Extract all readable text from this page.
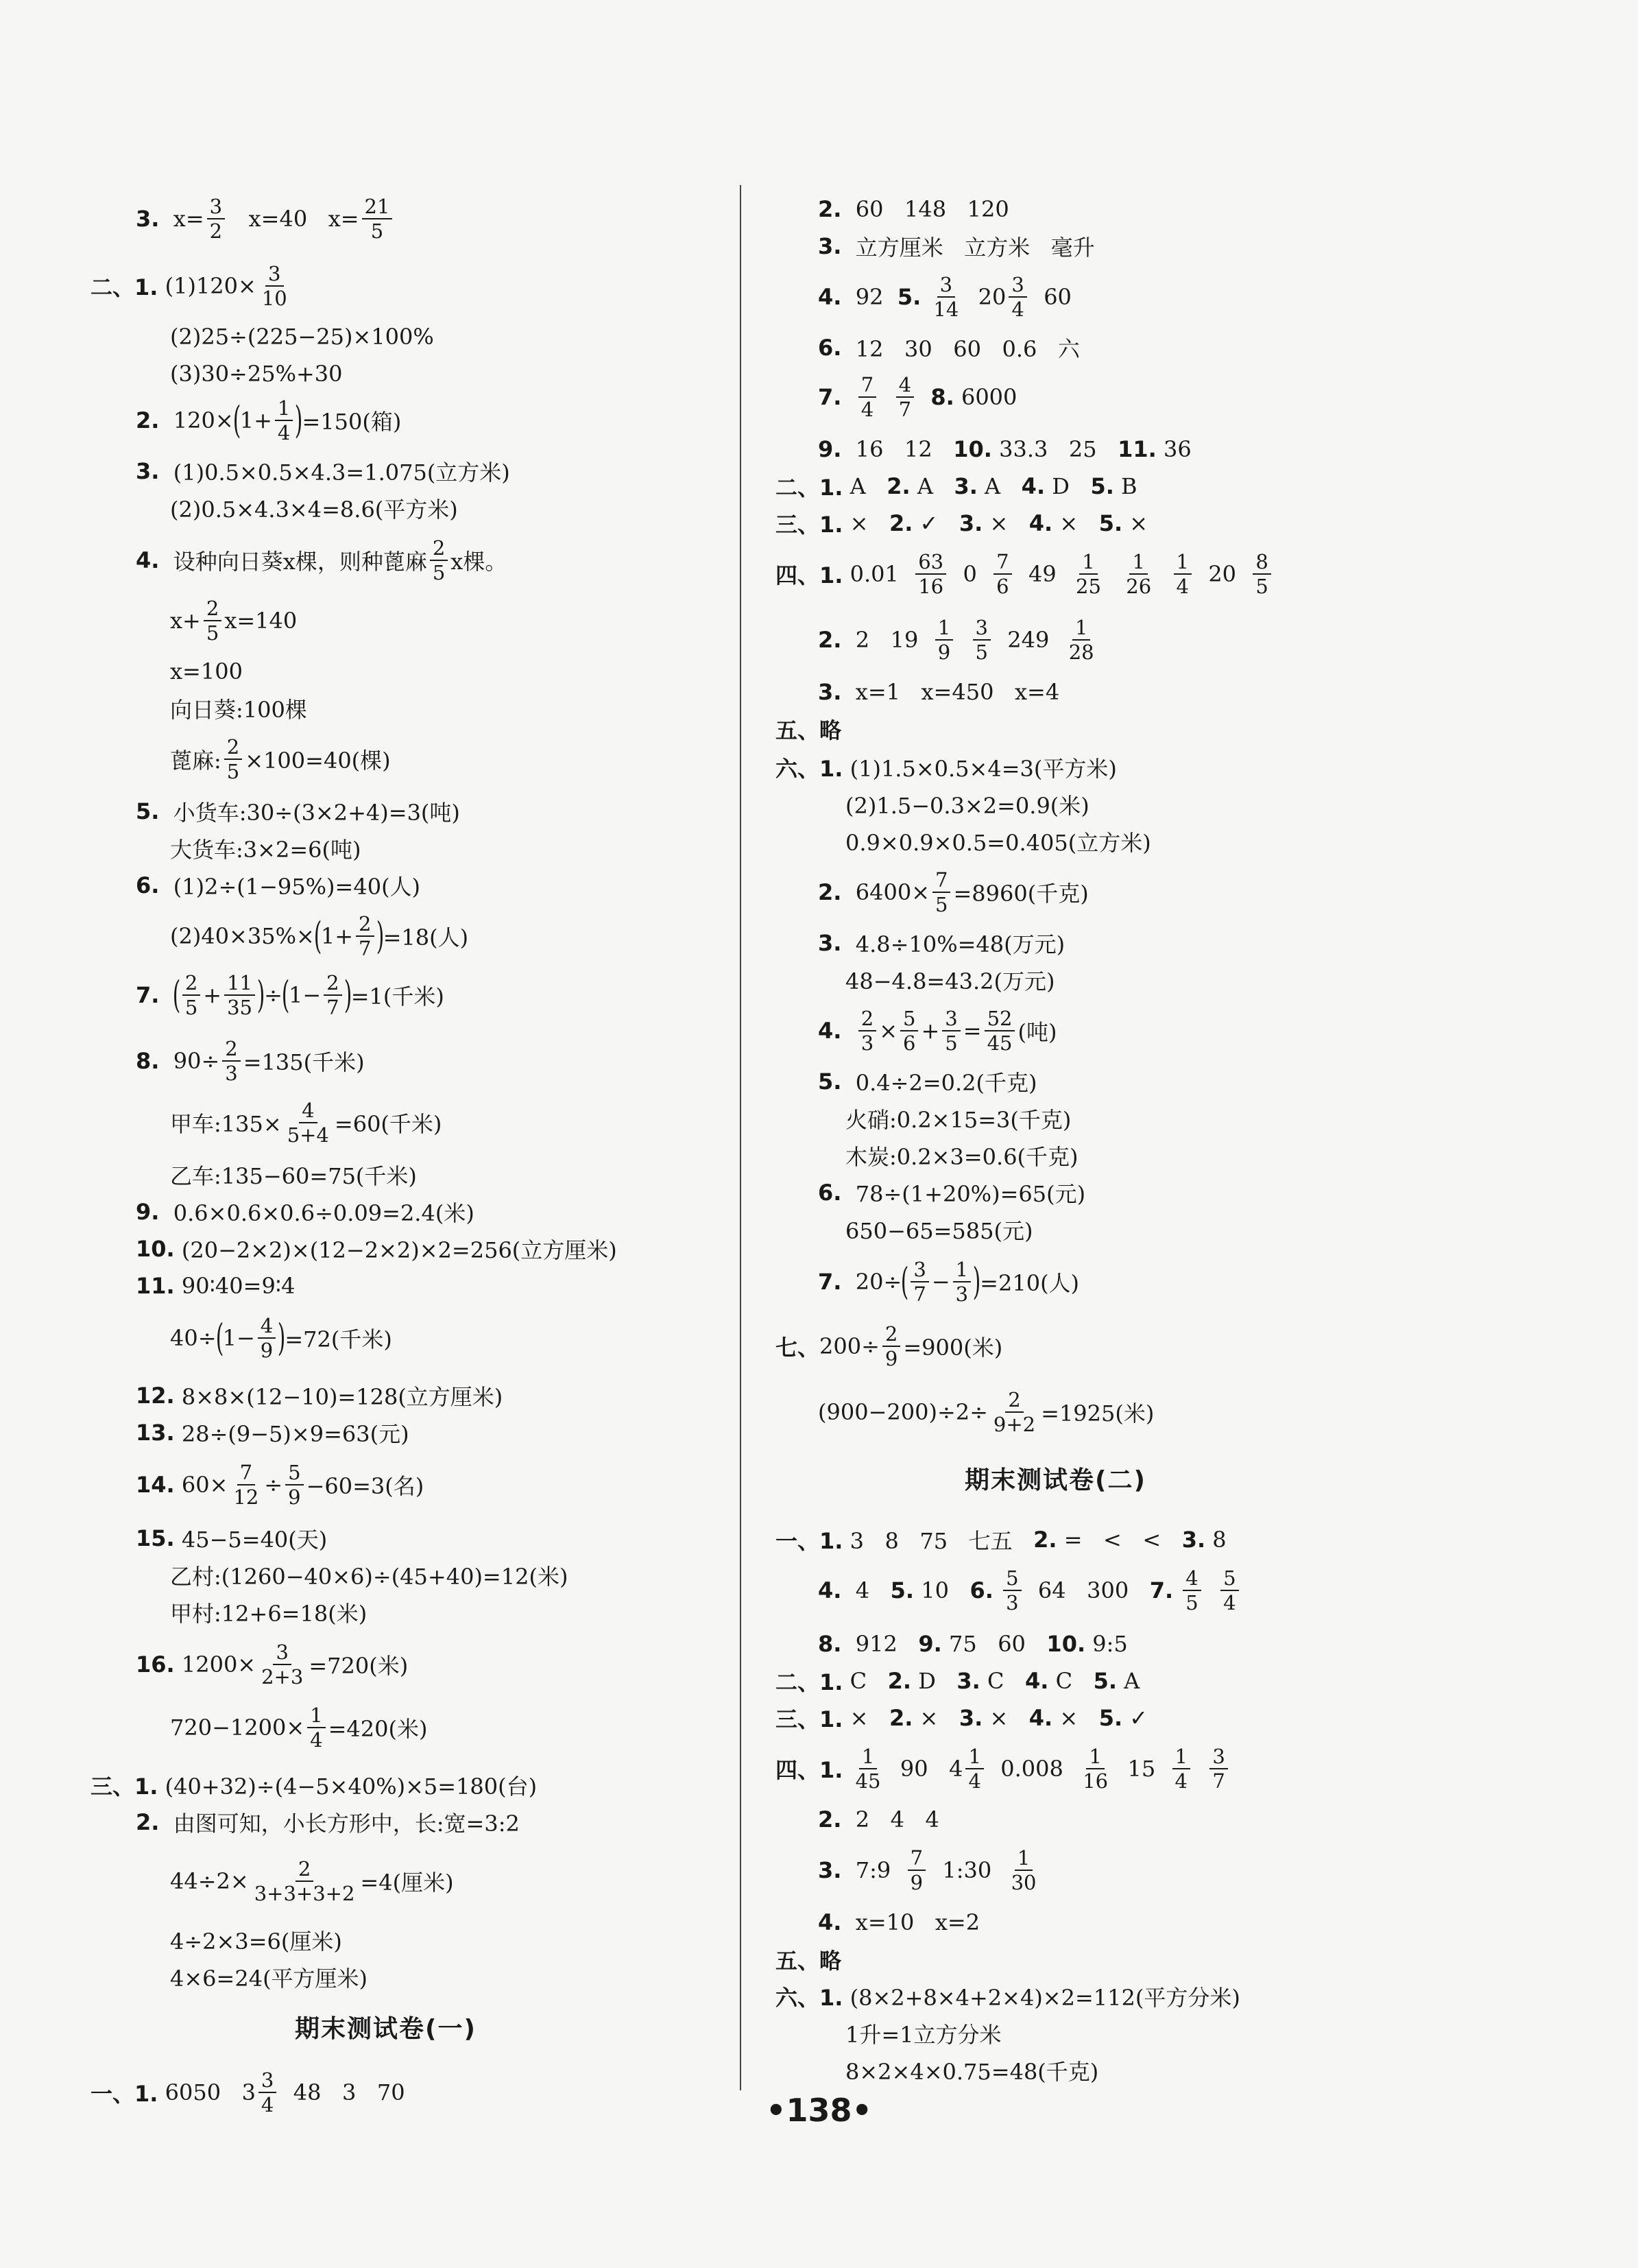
3. $x= \frac{3}{2} x=40$   $x= \frac{21}{5}$
二、1. $(1)120\times \frac{3}{10}$
(2)25÷(225−25)×100%
(3)30÷25%+30
2. 120×
(
$1+ \frac{1}{4}$ )
=150(箱)
3. (1)0.5×0.5×4.3=1.075(立方米)
(2)0.5×4.3×4=8.6(平方米)
4. 设种向日葵x棵，则种蓖麻 $\frac{2}{5}$ x棵。
$x+ \frac{2}{5} x=140$
x=100
向日葵:100棵
蓖麻: $\frac{2}{5} \times 100=40$(棵)
5. 小货车:30÷(3×2+4)=3(吨)
大货车:3×2=6(吨)
6. (1)2÷(1−95%)=40(人)
(2)40×35%×
(
$1+ \frac{2}{7}$ )
=18(人)
7.
( $\frac{2}{5} + \frac{11}{35}$ )
÷
(
$1- \frac{2}{7}$ )
=1(千米)
8. $90\div \frac{2}{3} =135$(千米)
甲车:135× $\frac{4}{5+4} =60$(千米)
乙车:135−60=75(千米)
9. 0.6×0.6×0.6÷0.09=2.4(米)
10. (20−2×2)×(12−2×2)×2=256(立方厘米)
11. 90∶40=9∶4
40÷
(
$1- \frac{4}{9}$ )
=72(千米)
12. 8×8×(12−10)=128(立方厘米)
13. 28÷(9−5)×9=63(元)
14. $60\times \frac{7}{12} \div \frac{5}{9} -60=3$(名)
15. 45−5=40(天)
乙村:(1260−40×6)÷(45+40)=12(米)
甲村:12+6=18(米)
16. $1200\times \frac{3}{2+3} =720$(米)
$720-1200\times \frac{1}{4} =420$(米)
三、1. (40+32)÷(4−5×40%)×5=180(台)
2. 由图可知，小长方形中，长:宽=3:2
$44\div 2\times \frac{2}{3+3+3+2} =4$(厘米)
4÷2×3=6(厘米)
4×6=24(平方厘米)
期末测试卷(一)
一、1. 6050   $3 \frac{3}{4} 48$   3   70
2. 60   148   120
3. 立方厘米   立方米   毫升
4. 92 5.
$\frac{3}{14} 20 \frac{3}{4} 60$
6. 12   30   60   0.6   六
7.
$\frac{7}{4}$
$\frac{4}{7}$
8. 6000
9. 16   12 10. 33.3   25 11. 36
二、1. A 2. A 3. A 4. D 5. B
三、1. × 2. ✓ 3. × 4. × 5. ×
四、1. $0.01 \frac{63}{16} 0 \frac{7}{6} 49 \frac{1}{25}$
$\frac{1}{26}$
$\frac{1}{4} 20 \frac{8}{5}$
2. 2   $19 \frac{1}{9}$
$\frac{3}{5} 249 \frac{1}{28}$
3. x=1   x=450   x=4
五、略
六、1. (1)1.5×0.5×4=3(平方米)
(2)1.5−0.3×2=0.9(米)
0.9×0.9×0.5=0.405(立方米)
2. $6400\times \frac{7}{5} =8960$(千克)
3. 4.8÷10%=48(万元)
48−4.8=43.2(万元)
4.
$\frac{2}{3} \times \frac{5}{6} + \frac{3}{5} = \frac{52}{45}$ (吨)
5. 0.4÷2=0.2(千克)
火硝:0.2×15=3(千克)
木炭:0.2×3=0.6(千克)
6. 78÷(1+20%)=65(元)
650−65=585(元)
7. 20÷
( $\frac{3}{7} - \frac{1}{3}$ )
=210(人)
七、 $200\div \frac{2}{9} =900$(米)
$(900-200)\div 2\div \frac{2}{9+2} =1925$(米)
期末测试卷(二)
一、1. 3   8   75   七五 2. =   <   < 3. 8
4. 4 5. 10 6.
$\frac{5}{3} 64$   300 7.
$\frac{4}{5}$
$\frac{5}{4}$
8. 912 9. 75   60 10. 9:5
二、1. C 2. D 3. C 4. C 5. A
三、1. × 2. × 3. × 4. × 5. ✓
四、1.
$\frac{1}{45} 90$   $4 \frac{1}{4} 0.008 \frac{1}{16} 15 \frac{1}{4}$
$\frac{3}{7}$
2. 2   4   4
3. 7:9 $\frac{7}{9}$ 1:30 $\frac{1}{30}$
4. x=10   x=2
五、略
六、1. (8×2+8×4+2×4)×2=112(平方分米)
1升=1立方分米
8×2×4×0.75=48(千克)
•138•
